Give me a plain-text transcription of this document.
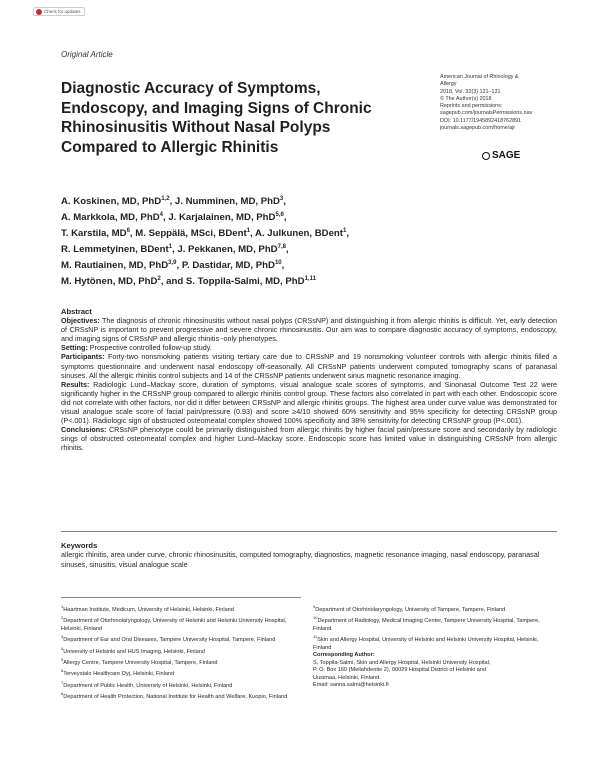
Check for updates
Original Article
Diagnostic Accuracy of Symptoms, Endoscopy, and Imaging Signs of Chronic Rhinosinusitis Without Nasal Polyps Compared to Allergic Rhinitis
American Journal of Rhinology &
Allergy
2018, Vol. 32(3) 121–131
© The Author(s) 2018
Reprints and permissions:
sagepub.com/journalsPermissions.nav
DOI: 10.1177/1945892418762891
journals.sagepub.com/home/ajr
SAGE
A. Koskinen, MD, PhD$^{1,2}$, J. Numminen, MD, PhD$^3$,
A. Markkola, MD, PhD$^4$, J. Karjalainen, MD, PhD$^{5,6}$,
T. Karstila, $MD^6$, M. Seppälä, MSci, BDent$^1$, A. Julkunen, BDent$^1$,
R. Lemmetyinen, BDent$^1$, J. Pekkanen, MD, PhD$^{7,8}$,
M. Rautiainen, MD, PhD$^{3,9}$, P. Dastidar, MD, PhD$^{10}$,
M. Hytönen, MD, PhD$^2$, and S. Toppila-Salmi, MD, PhD$^{1,11}$
Abstract

Objectives: The diagnosis of chronic rhinosinusitis without nasal polyps (CRSsNP) and distinguishing it from allergic rhinitis is difficult. Yet, early detection of CRSsNP is important to prevent progressive and severe chronic rhinosinusitis. Our aim was to compare diagnostic accuracy of symptoms, endoscopy, and imaging signs of CRSsNP and allergic rhinitis -only phenotypes.

Setting: Prospective controlled follow-up study.

Participants: Forty-two nonsmoking patients visiting tertiary care due to CRSsNP and 19 nonsmoking volunteer controls with allergic rhinitis filled a symptoms questionnaire and underwent nasal endoscopy off-seasonally. All CRSsNP patients underwent computed tomography scans of paranasal sinuses. All the allergic rhinitis control subjects and 14 of the CRSsNP patients underwent sinus magnetic resonance imaging.

Results: Radiologic Lund–Mackay score, duration of symptoms, visual analogue scale scores of symptoms, and Sinonasal Outcome Test 22 were significantly higher in the CRSsNP group compared to allergic rhinitis control group. These factors also correlated in part with each other. Endoscopic score did not correlate with other factors, nor did it differ between CRSsNP and allergic rhinitis groups. The highest area under curve value was demonstrated for visual analogue scale score of facial pain/pressure (0.93) and score ≥4/10 showed 60% sensitivity and 95% specificity for detecting CRSsNP group (P<.001). Radiologic sign of obstructed osteomeatal complex showed 100% specificity and 38% sensitivity for detecting CRSsNP group (P<.001).

Conclusions: CRSsNP phenotype could be primarily distinguished from allergic rhinitis by higher facial pain/pressure score and secondarily by radiologic sings of obstructed osteomeatal complex and higher Lund–Mackay score. Endoscopic score has limited value in distinguishing CRSsNP from allergic rhinitis.

Keywords
allergic rhinitis, area under curve, chronic rhinosinusitis, computed tomography, diagnostics, magnetic resonance imaging, nasal endoscopy, paranasal sinuses, sinusitis, visual analogue scale
$^1$Haartman Institute, Medicum, University of Helsinki, Helsinki, Finland
$^2$Department of Otorhinolaryngology, University of Helsinki and Helsinki University Hospital, Helsinki, Finland
$^3$Department of Ear and Oral Diseases, Tampere University Hospital, Tampere, Finland
$^4$University of Helsinki and HUS Imaging, Helsinki, Finland
$^5$Allergy Centre, Tampere University Hospital, Tampere, Finland
$^6$Terveystalo Healthcare Oyj, Helsinki, Finland
$^7$Department of Public Health, University of Helsinki, Helsinki, Finland
$^8$Department of Health Protection, National Institute for Health and Welfare, Kuopio, Finland
$^9$Department of Otorhinolaryngology, University of Tampere, Tampere, Finland
$^{10}$Department of Radiology, Medical Imaging Center, Tampere University Hospital, Tampere, Finland
$^{11}$Skin and Allergy Hospital, University of Helsinki and Helsinki University Hospital, Helsinki, Finland
Corresponding Author:
S. Toppila-Salmi, Skin and Allergy Hospital, Helsinki University Hospital,
P. O. Box 160 (Meilahdentie 2), 00029 Hospital District of Helsinki and
Uusimaa, Helsinki, Finland.
Email: sanna.salmi@helsinki.fi
